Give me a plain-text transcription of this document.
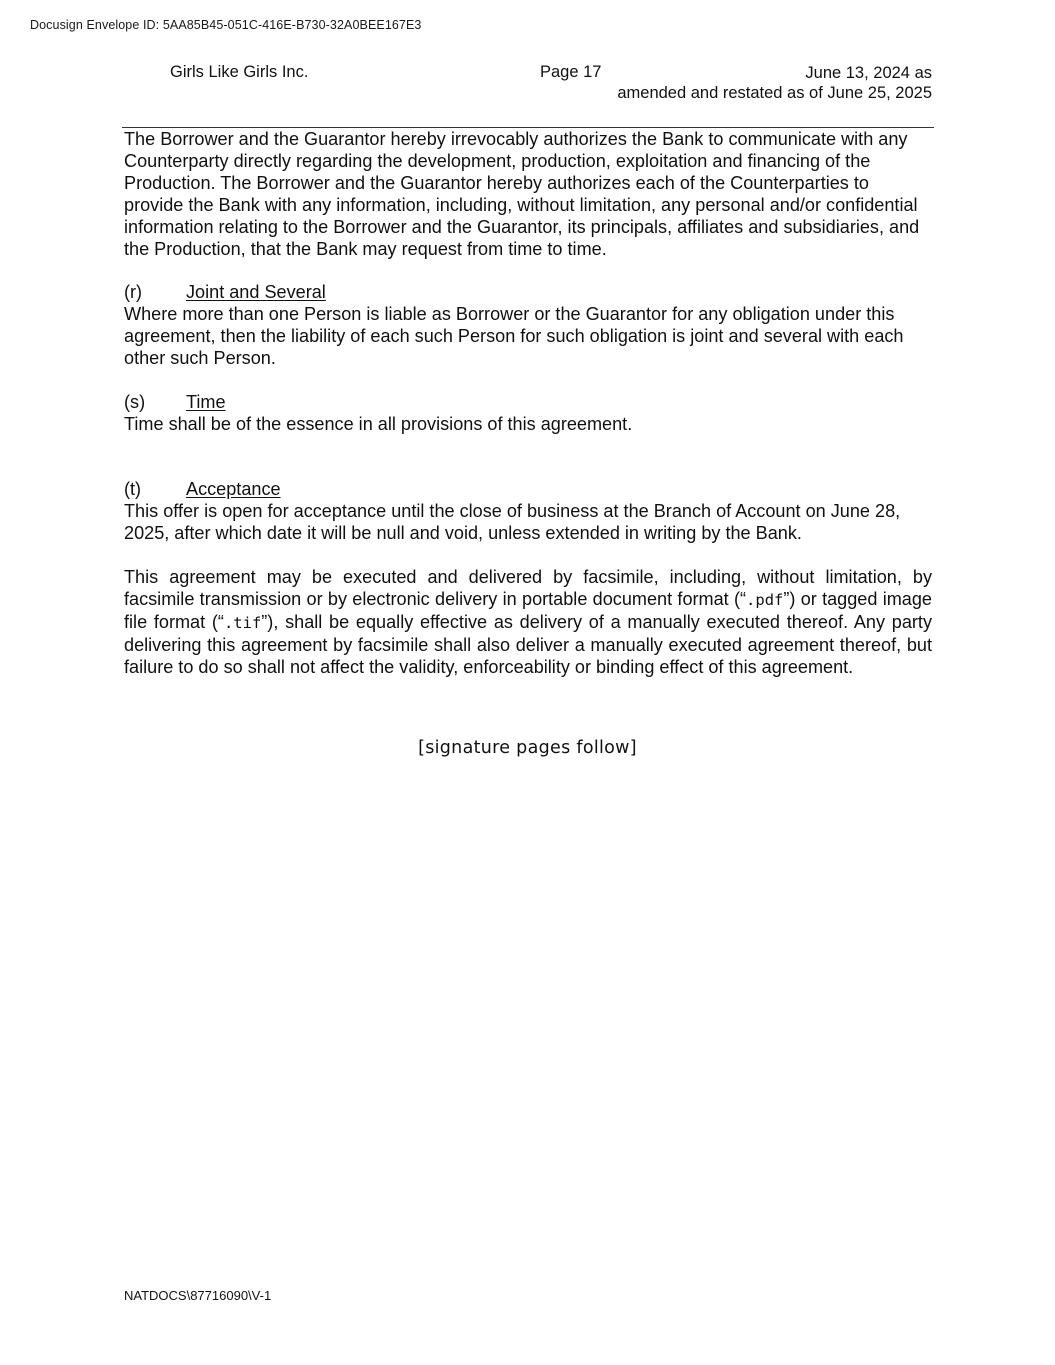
Docusign Envelope ID: 5AA85B45-051C-416E-B730-32A0BEE167E3
Girls Like Girls Inc.	Page 17	June 13, 2024 as
amended and restated as of June 25, 2025

The Borrower and the Guarantor hereby irrevocably authorizes the Bank to communicate with any Counterparty directly regarding the development, production, exploitation and financing of the Production. The Borrower and the Guarantor hereby authorizes each of the Counterparties to provide the Bank with any information, including, without limitation, any personal and/or confidential information relating to the Borrower and the Guarantor, its principals, affiliates and subsidiaries, and the Production, that the Bank may request from time to time.

(r)	Joint and Several

Where more than one Person is liable as Borrower or the Guarantor for any obligation under this agreement, then the liability of each such Person for such obligation is joint and several with each other such Person.

(s)	Time

Time shall be of the essence in all provisions of this agreement.

(t)	Acceptance

This offer is open for acceptance until the close of business at the Branch of Account on June 28, 2025, after which date it will be null and void, unless extended in writing by the Bank.

This agreement may be executed and delivered by facsimile, including, without limitation, by facsimile transmission or by electronic delivery in portable document format (“.pdf”) or tagged image file format (“.tif”), shall be equally effective as delivery of a manually executed thereof. Any party delivering this agreement by facsimile shall also deliver a manually executed agreement thereof, but failure to do so shall not affect the validity, enforceability or binding effect of this agreement.

[signature pages follow]
NATDOCS\87716090\V-1
